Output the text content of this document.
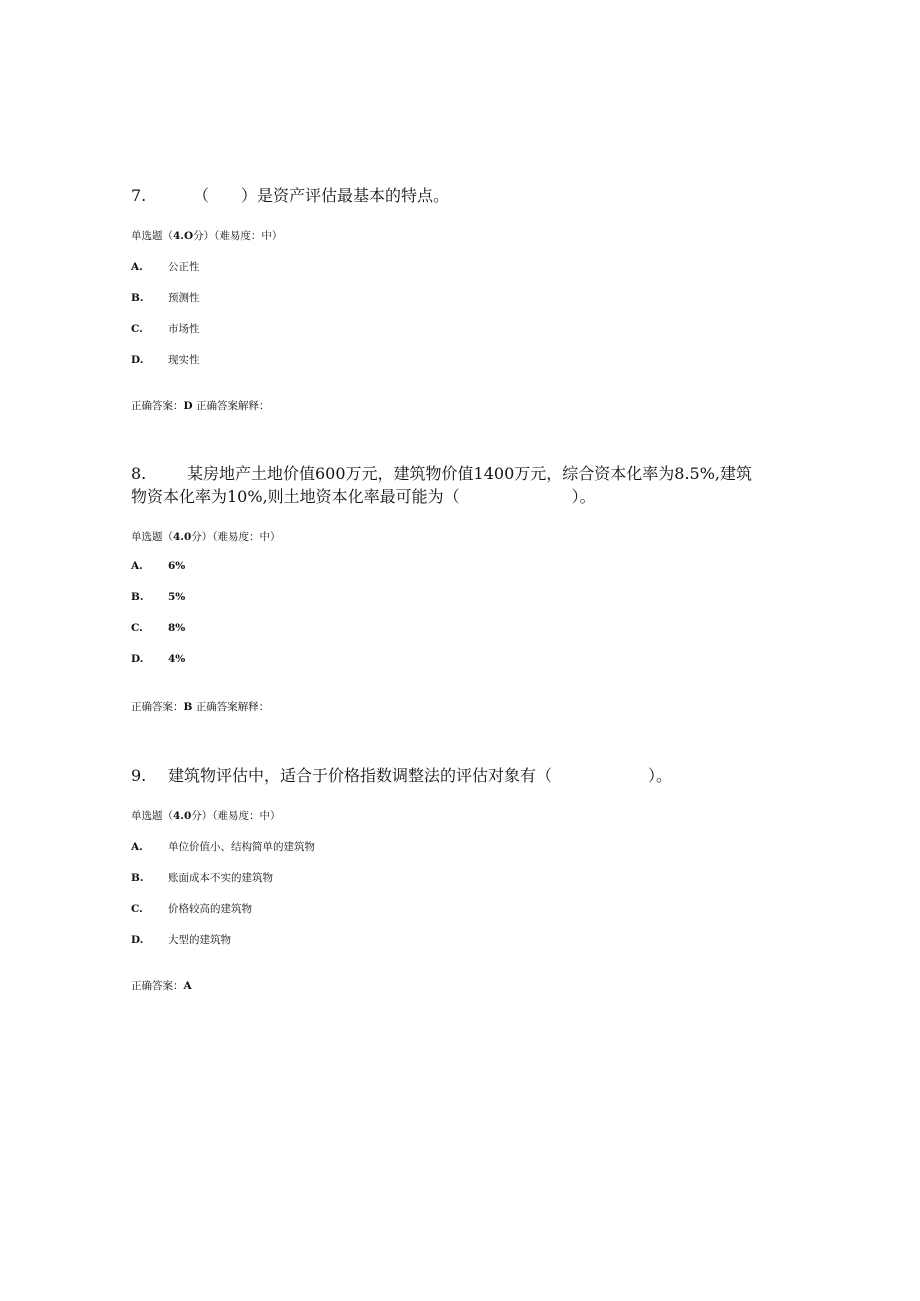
7.	（　　）是资产评估最基本的特点。

单选题（4.O分）（难易度：中）

A. 公正性
B. 预测性
C. 市场性
D. 现实性
正确答案：D 正确答案解释：

8.	某房地产土地价值600万元，建筑物价值1400万元，综合资本化率为8.5%,建筑

物资本化率为10%,则土地资本化率最可能为（　　　　　　　）。

单选题（4.0分）（难易度：中）

A. 6%
B. 5%
C. 8%
D. 4%
正确答案：B 正确答案解释：

9. 建筑物评估中，适合于价格指数调整法的评估对象有（　　　　　　）。

单选题（4.0分）（难易度：中）

A. 单位价值小、结构简单的建筑物
B. 账面成本不实的建筑物
C. 价格较高的建筑物
D. 大型的建筑物
正确答案：A
